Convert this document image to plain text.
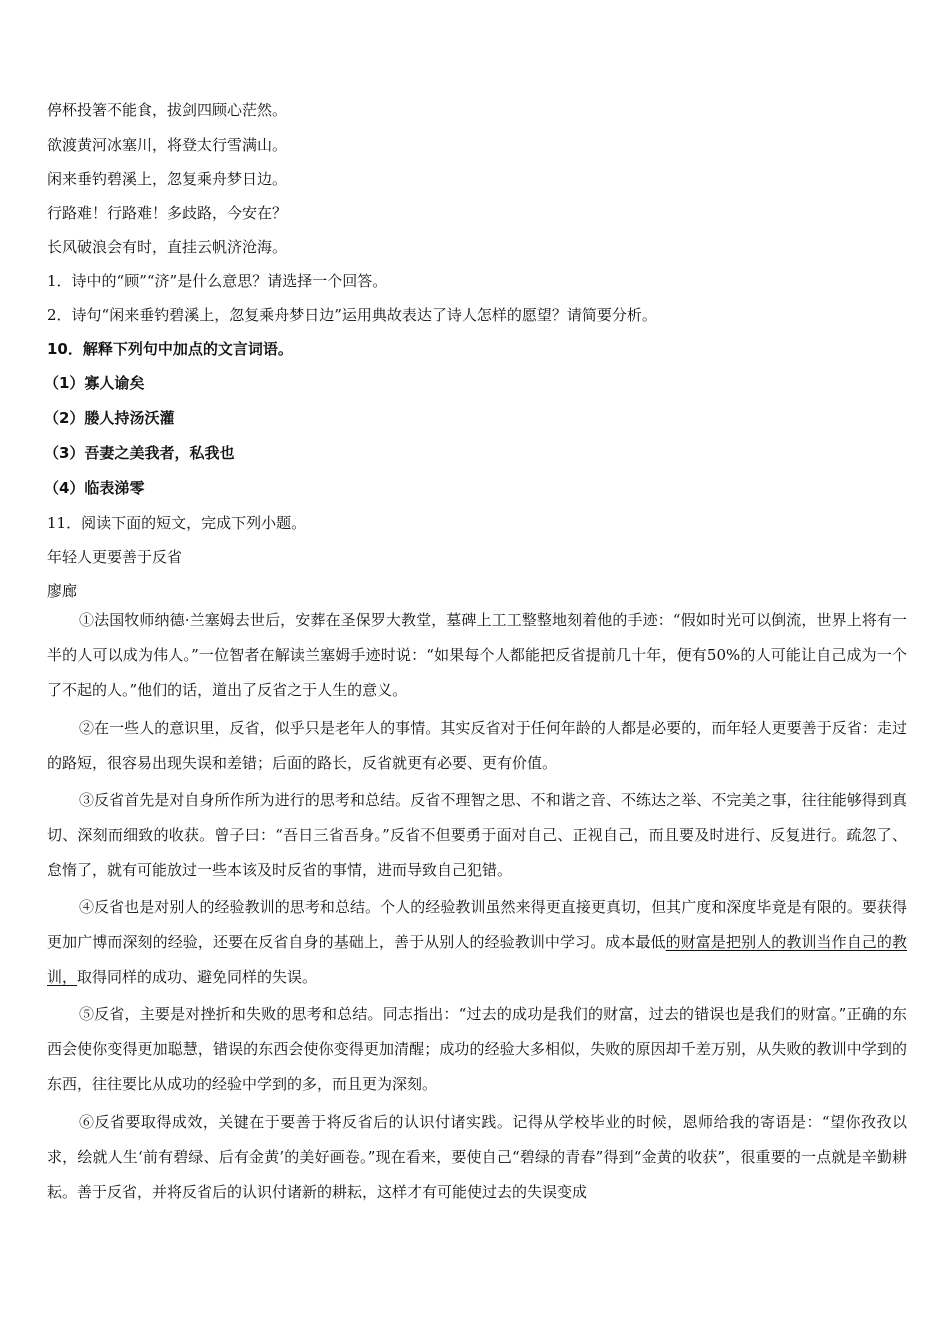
停杯投箸不能食，拔剑四顾心茫然。
欲渡黄河冰塞川，将登太行雪满山。
闲来垂钓碧溪上，忽复乘舟梦日边。
行路难！行路难！多歧路，今安在？
长风破浪会有时，直挂云帆济沧海。
1．诗中的“顾”“济”是什么意思？请选择一个回答。
2．诗句“闲来垂钓碧溪上，忽复乘舟梦日边”运用典故表达了诗人怎样的愿望？请简要分析。
10．解释下列句中加点的文言词语。
（1）寡人谕矣
（2）媵人持汤沃灌
（3）吾妻之美我者，私我也
（4）临表涕零
11．阅读下面的短文，完成下列小题。
年轻人更要善于反省
廖廊

①法国牧师纳德·兰塞姆去世后，安葬在圣保罗大教堂，墓碑上工工整整地刻着他的手迹：“假如时光可以倒流，世界上将有一半的人可以成为伟人。”一位智者在解读兰塞姆手迹时说：“如果每个人都能把反省提前几十年，便有50%的人可能让自己成为一个了不起的人。”他们的话，道出了反省之于人生的意义。

②在一些人的意识里，反省，似乎只是老年人的事情。其实反省对于任何年龄的人都是必要的，而年轻人更要善于反省：走过的路短，很容易出现失误和差错；后面的路长，反省就更有必要、更有价值。

③反省首先是对自身所作所为进行的思考和总结。反省不理智之思、不和谐之音、不练达之举、不完美之事，往往能够得到真切、深刻而细致的收获。曾子曰：“吾日三省吾身。”反省不但要勇于面对自己、正视自己，而且要及时进行、反复进行。疏忽了、怠惰了，就有可能放过一些本该及时反省的事情，进而导致自己犯错。

④反省也是对别人的经验教训的思考和总结。个人的经验教训虽然来得更直接更真切，但其广度和深度毕竟是有限的。要获得更加广博而深刻的经验，还要在反省自身的基础上，善于从别人的经验教训中学习。成本最低的财富是把别人的教训当作自己的教训，取得同样的成功、避免同样的失误。

⑤反省，主要是对挫折和失败的思考和总结。同志指出：“过去的成功是我们的财富，过去的错误也是我们的财富。”正确的东西会使你变得更加聪慧，错误的东西会使你变得更加清醒；成功的经验大多相似，失败的原因却千差万别，从失败的教训中学到的东西，往往要比从成功的经验中学到的多，而且更为深刻。

⑥反省要取得成效，关键在于要善于将反省后的认识付诸实践。记得从学校毕业的时候，恩师给我的寄语是：“望你孜孜以求，绘就人生‘前有碧绿、后有金黄’的美好画卷。”现在看来，要使自己“碧绿的青春”得到“金黄的收获”，很重要的一点就是辛勤耕耘。善于反省，并将反省后的认识付诸新的耕耘，这样才有可能使过去的失误变成
